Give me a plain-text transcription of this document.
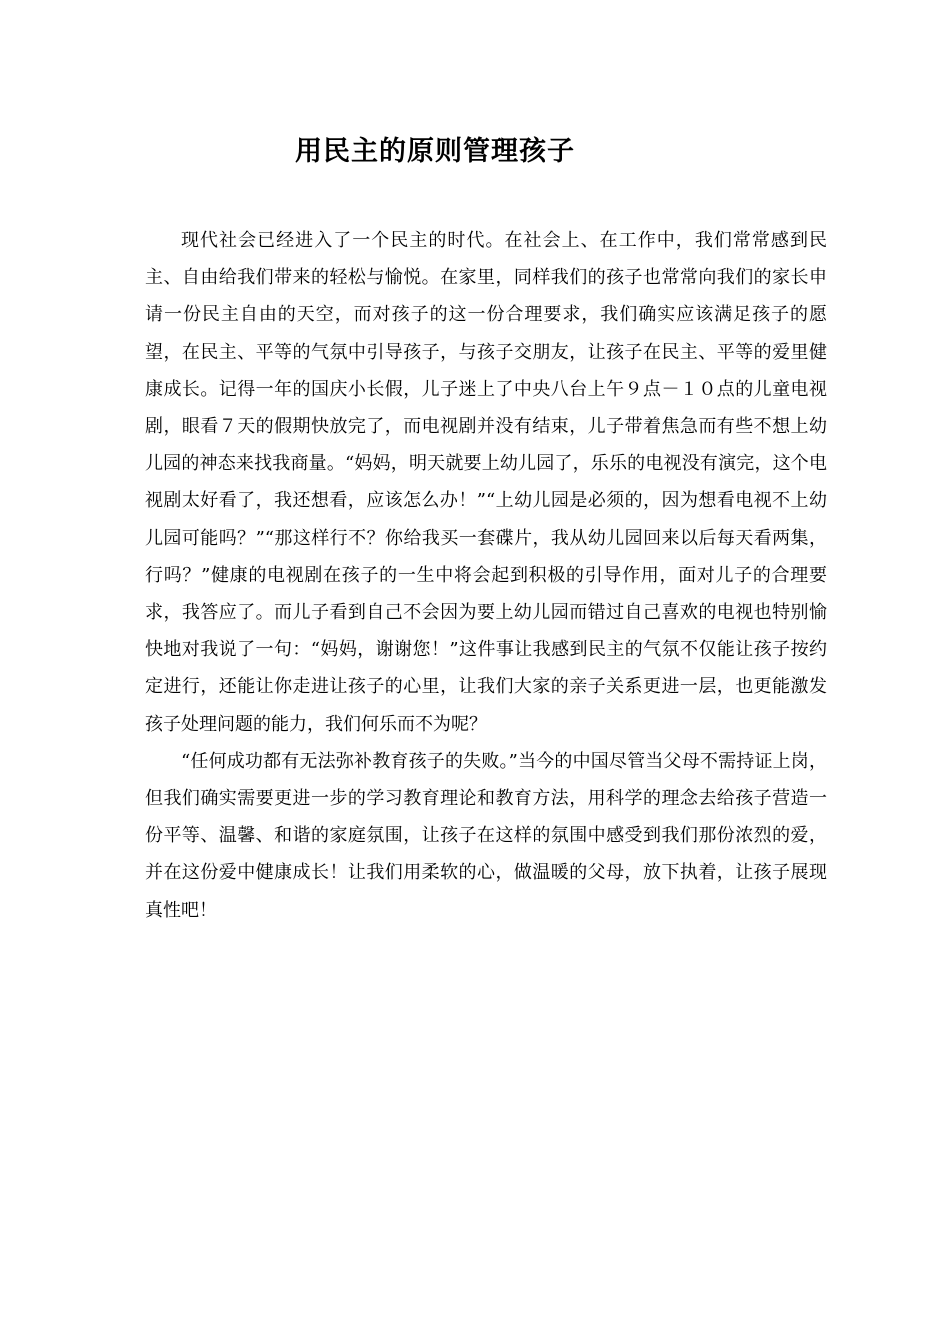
用民主的原则管理孩子

现代社会已经进入了一个民主的时代。在社会上、在工作中，我们常常感到民主、自由给我们带来的轻松与愉悦。在家里，同样我们的孩子也常常向我们的家长申请一份民主自由的天空，而对孩子的这一份合理要求，我们确实应该满足孩子的愿望，在民主、平等的气氛中引导孩子，与孩子交朋友，让孩子在民主、平等的爱里健康成长。记得一年的国庆小长假，儿子迷上了中央八台上午９点－１０点的儿童电视剧，眼看７天的假期快放完了，而电视剧并没有结束，儿子带着焦急而有些不想上幼儿园的神态来找我商量。“妈妈，明天就要上幼儿园了，乐乐的电视没有演完，这个电视剧太好看了，我还想看，应该怎么办！”“上幼儿园是必须的，因为想看电视不上幼儿园可能吗？”“那这样行不？你给我买一套碟片，我从幼儿园回来以后每天看两集，行吗？”健康的电视剧在孩子的一生中将会起到积极的引导作用，面对儿子的合理要求，我答应了。而儿子看到自己不会因为要上幼儿园而错过自己喜欢的电视也特别愉快地对我说了一句：“妈妈，谢谢您！”这件事让我感到民主的气氛不仅能让孩子按约定进行，还能让你走进让孩子的心里，让我们大家的亲子关系更进一层，也更能激发孩子处理问题的能力，我们何乐而不为呢？

“任何成功都有无法弥补教育孩子的失败。”当今的中国尽管当父母不需持证上岗，但我们确实需要更进一步的学习教育理论和教育方法，用科学的理念去给孩子营造一份平等、温馨、和谐的家庭氛围，让孩子在这样的氛围中感受到我们那份浓烈的爱，并在这份爱中健康成长！让我们用柔软的心，做温暖的父母，放下执着，让孩子展现真性吧！
